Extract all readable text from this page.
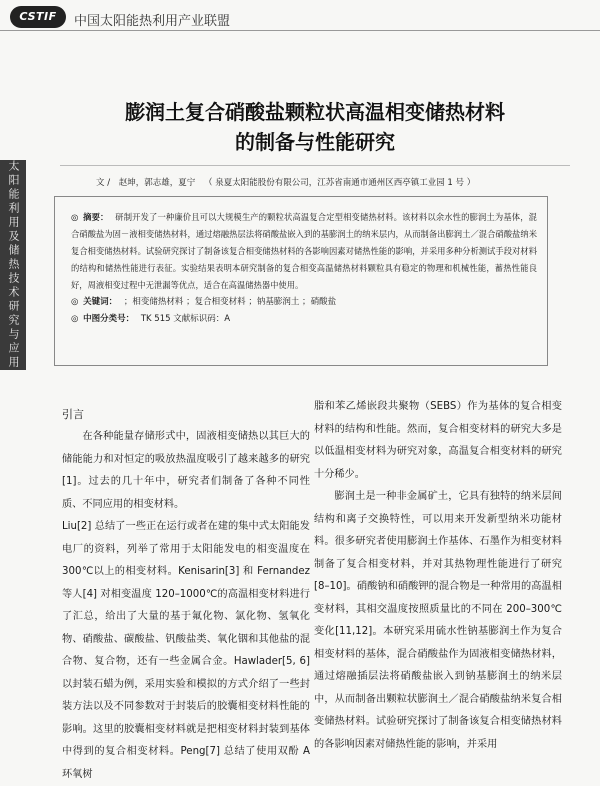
CSTIF	中国太阳能热利用产业联盟
太阳能利用及储热技术研究与应用
膨润土复合硝酸盐颗粒状高温相变储热材料
的制备与性能研究
文 / 赵坤，郭志雄，夏宁 （ 泉夏太阳能股份有限公司，江苏省南通市通州区西亭镇工业园 1 号 ）

◎ 摘要： 研制开发了一种廉价且可以大规模生产的颗粒状高温复合定型相变储热材料。该材料以余水性的膨润土为基体，混合硝酸盐为固－液相变储热材料，通过熔融热层法将硝酸盐嵌入到的基膨润土的纳米层内，从而制备出膨润土／混合硝酸盐纳米复合相变储热材料。试验研究探讨了制备该复合相变储热材料的各影响因素对储热性能的影响，并采用多种分析测试手段对材料的结构和储热性能进行表征。实验结果表明本研究制备的复合相变高温储热材料颗粒具有稳定的物理和机械性能，蓄热性能良好，周液相变过程中无泄漏等优点，适合在高温储热器中使用。

◎ 关键词： ； 相变储热材料 ； 复合相变材料 ； 钠基膨润土 ； 硝酸盐

◎ 中图分类号： TK 515 文献标识码：A

引言

在各种能量存储形式中，固液相变储热以其巨大的储能能力和对恒定的吸放热温度吸引了越来越多的研究[1]。过去的几十年中，研究者们制备了各种不同性质、不同应用的相变材料。

Liu[2] 总结了一些正在运行或者在建的集中式太阳能发电厂的资料，列举了常用于太阳能发电的相变温度在 300℃以上的相变材料。Kenisarin[3] 和 Fernandez 等人[4] 对相变温度 120–1000℃的高温相变材料进行了汇总，给出了大量的基于氟化物、氯化物、氢氧化物、硝酸盐、碳酸盐、钒酸盐类、氧化铟和其他盐的混合物、复合物，还有一些金属合金。Hawlader[5, 6] 以封装石蜡为例，采用实验和模拟的方式介绍了一些封装方法以及不同参数对于封装后的胶囊相变材料性能的影响。这里的胶囊相变材料就是把相变材料封装到基体中得到的复合相变材料。Peng[7] 总结了使用双酚 A 环氧树

脂和苯乙烯嵌段共聚物（SEBS）作为基体的复合相变材料的结构和性能。然而，复合相变材料的研究大多是以低温相变材料为研究对象，高温复合相变材料的研究十分稀少。

膨润土是一种非金属矿土，它具有独特的纳米层间结构和离子交换特性，可以用来开发新型纳米功能材料。很多研究者使用膨润土作基体、石墨作为相变材料制备了复合相变材料，并对其热物理性能进行了研究[8–10]。硝酸钠和硝酸钾的混合物是一种常用的高温相变材料，其相交温度按照质量比的不同在 200–300℃变化[11,12]。本研究采用硫水性钠基膨润土作为复合相变材料的基体，混合硝酸盐作为固液相变储热材料，通过熔融插层法将硝酸盐嵌入到钠基膨润土的纳米层中，从而制备出颗粒状膨润土／混合硝酸盐纳米复合相变储热材料。试验研究探讨了制备该复合相变储热材料的各影响因素对储热性能的影响，并采用
